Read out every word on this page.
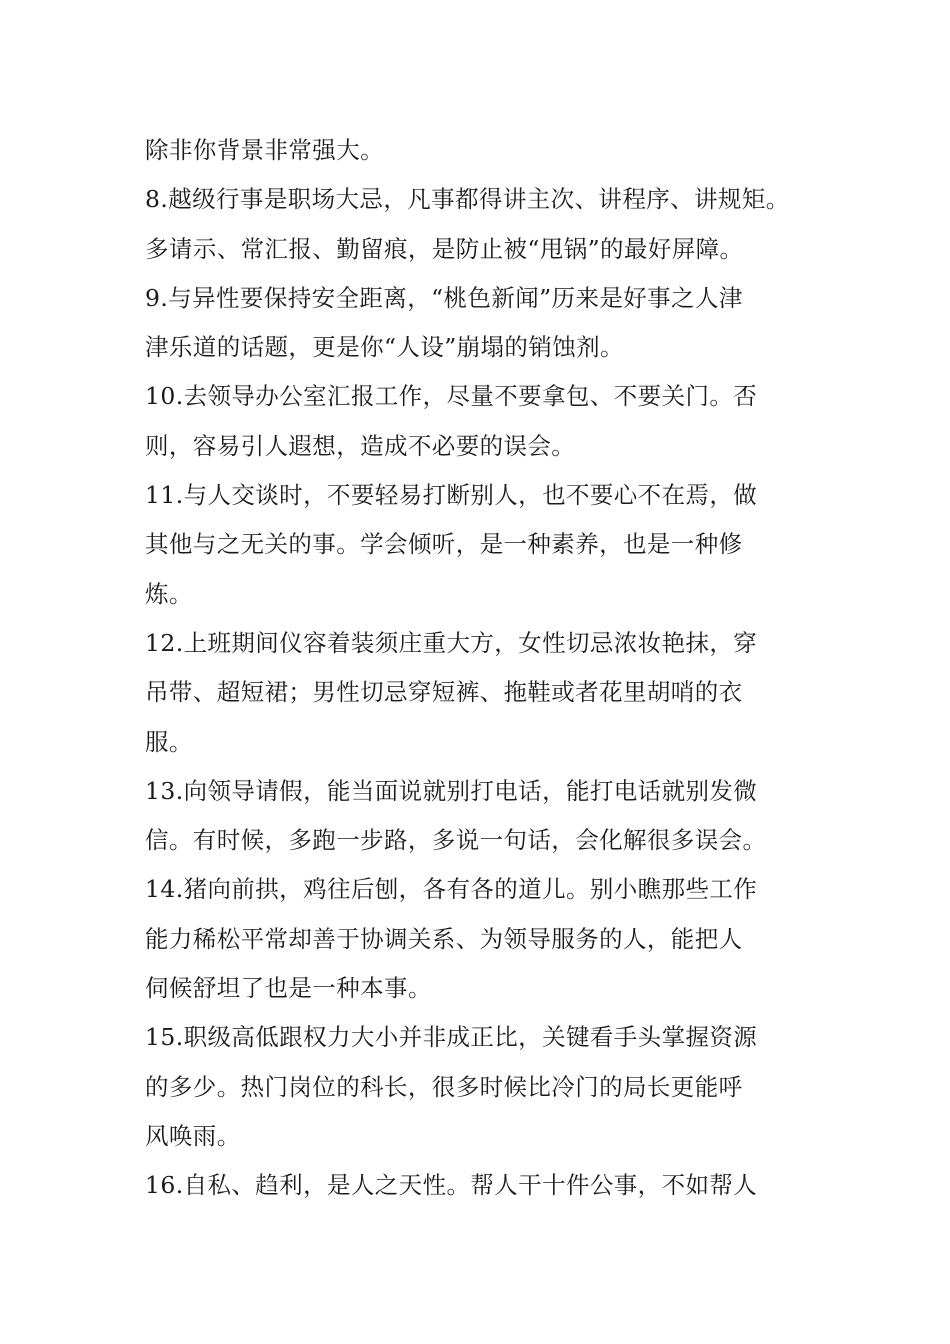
除非你背景非常强大。
8.越级行事是职场大忌，凡事都得讲主次、讲程序、讲规矩。
多请示、常汇报、勤留痕，是防止被“甩锅”的最好屏障。
9.与异性要保持安全距离，“桃色新闻”历来是好事之人津
津乐道的话题，更是你“人设”崩塌的销蚀剂。
10.去领导办公室汇报工作，尽量不要拿包、不要关门。否
则，容易引人遐想，造成不必要的误会。
11.与人交谈时，不要轻易打断别人，也不要心不在焉，做
其他与之无关的事。学会倾听，是一种素养，也是一种修
炼。
12.上班期间仪容着装须庄重大方，女性切忌浓妆艳抹，穿
吊带、超短裙；男性切忌穿短裤、拖鞋或者花里胡哨的衣
服。
13.向领导请假，能当面说就别打电话，能打电话就别发微
信。有时候，多跑一步路，多说一句话，会化解很多误会。
14.猪向前拱，鸡往后刨，各有各的道儿。别小瞧那些工作
能力稀松平常却善于协调关系、为领导服务的人，能把人
伺候舒坦了也是一种本事。
15.职级高低跟权力大小并非成正比，关键看手头掌握资源
的多少。热门岗位的科长，很多时候比冷门的局长更能呼
风唤雨。
16.自私、趋利，是人之天性。帮人干十件公事，不如帮人
